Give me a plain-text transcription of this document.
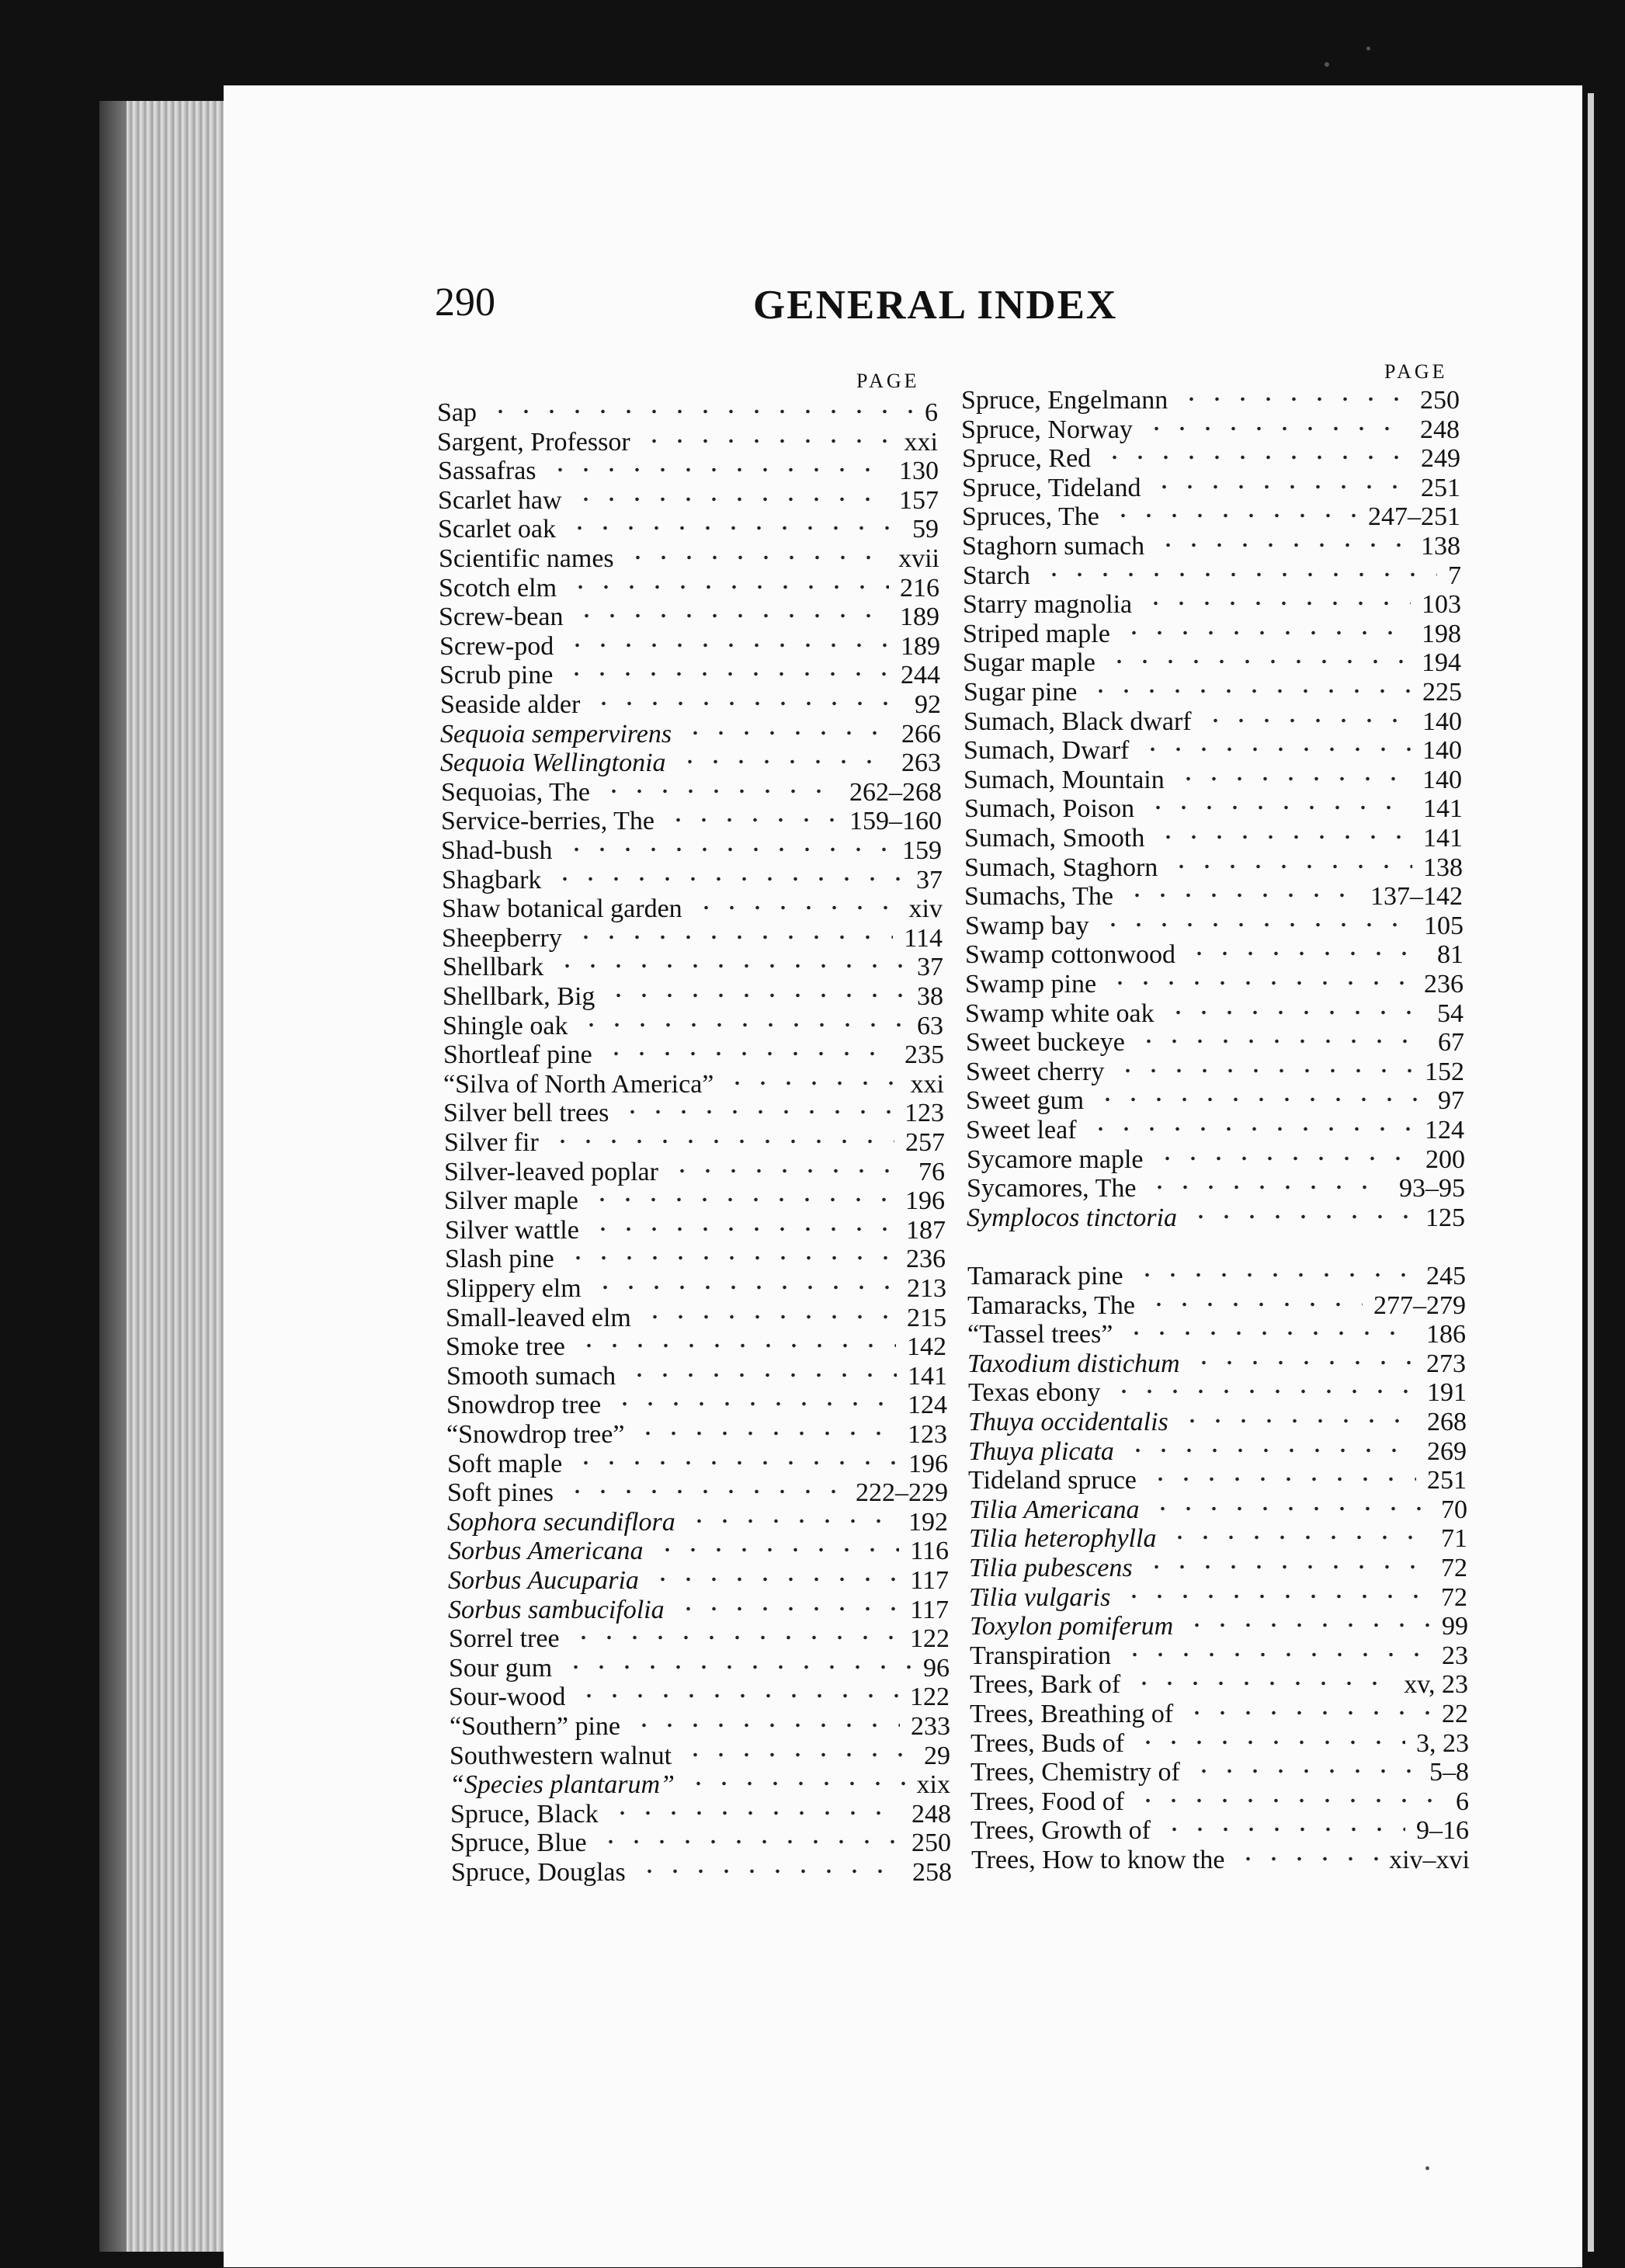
290	GENERAL INDEX
PAGE	PAGE
Sap	6
Sargent, Professor	xxi
Sassafras	130
Scarlet haw	157
Scarlet oak	59
Scientific names	xvii
Scotch elm	216
Screw-bean	189
Screw-pod	189
Scrub pine	244
Seaside alder	92
Sequoia sempervirens	266
Sequoia Wellingtonia	263
Sequoias, The	262–268
Service-berries, The	159–160
Shad-bush	159
Shagbark	37
Shaw botanical garden	xiv
Sheepberry	114
Shellbark	37
Shellbark, Big	38
Shingle oak	63
Shortleaf pine	235
“Silva of North America”	xxi
Silver bell trees	123
Silver fir	257
Silver-leaved poplar	76
Silver maple	196
Silver wattle	187
Slash pine	236
Slippery elm	213
Small-leaved elm	215
Smoke tree	142
Smooth sumach	141
Snowdrop tree	124
“Snowdrop tree”	123
Soft maple	196
Soft pines	222–229
Sophora secundiflora	192
Sorbus Americana	116
Sorbus Aucuparia	117
Sorbus sambucifolia	117
Sorrel tree	122
Sour gum	96
Sour-wood	122
“Southern” pine	233
Southwestern walnut	29
“Species plantarum”	xix
Spruce, Black	248
Spruce, Blue	250
Spruce, Douglas	258
Spruce, Engelmann	250
Spruce, Norway	248
Spruce, Red	249
Spruce, Tideland	251
Spruces, The	247–251
Staghorn sumach	138
Starch	7
Starry magnolia	103
Striped maple	198
Sugar maple	194
Sugar pine	225
Sumach, Black dwarf	140
Sumach, Dwarf	140
Sumach, Mountain	140
Sumach, Poison	141
Sumach, Smooth	141
Sumach, Staghorn	138
Sumachs, The	137–142
Swamp bay	105
Swamp cottonwood	81
Swamp pine	236
Swamp white oak	54
Sweet buckeye	67
Sweet cherry	152
Sweet gum	97
Sweet leaf	124
Sycamore maple	200
Sycamores, The	93–95
Symplocos tinctoria	125
Tamarack pine	245
Tamaracks, The	277–279
“Tassel trees”	186
Taxodium distichum	273
Texas ebony	191
Thuya occidentalis	268
Thuya plicata	269
Tideland spruce	251
Tilia Americana	70
Tilia heterophylla	71
Tilia pubescens	72
Tilia vulgaris	72
Toxylon pomiferum	99
Transpiration	23
Trees, Bark of	xv, 23
Trees, Breathing of	22
Trees, Buds of	3, 23
Trees, Chemistry of	5–8
Trees, Food of	6
Trees, Growth of	9–16
Trees, How to know the	xiv–xvi
